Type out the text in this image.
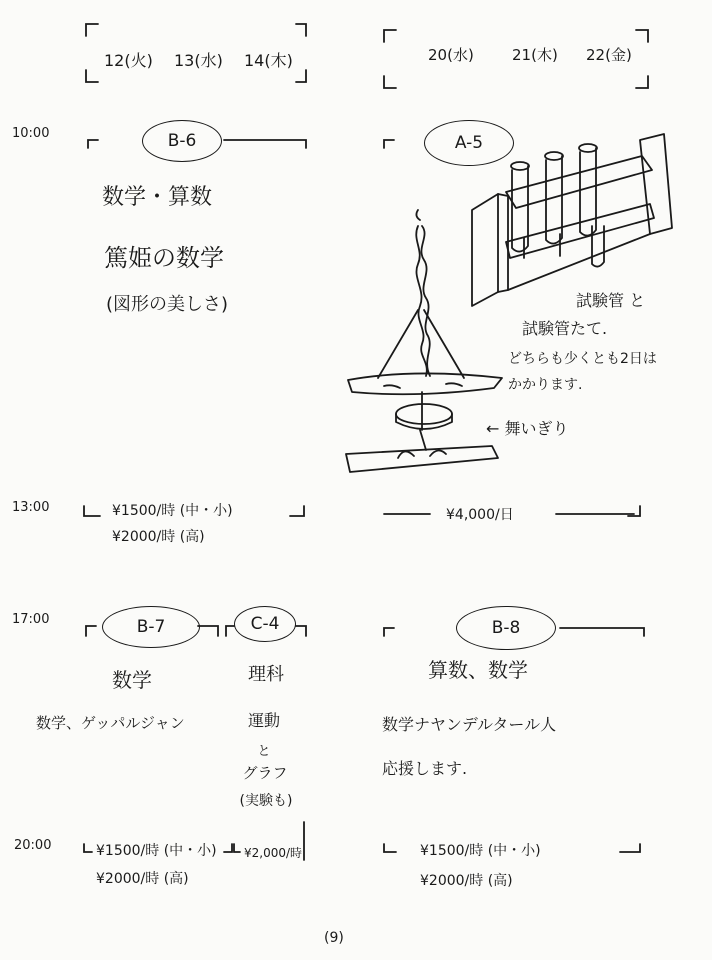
12(火) 13(水) 14(木)	20(水)	21(木) 22(金)
10:00
13:00
17:00
20:00
B-6
数学・算数
篤姫の数学
(図形の美しさ)
¥1500/時 (中・小)
¥2000/時 (高)
A-5
試験管 と
試験管たて.
どちらも少くとも2日は
かかります.
← 舞いぎり
¥4,000/日
B-7
数学
数学、ゲッパルジャン
C-4
理科
運動
と
グラフ
(実験も)
¥1500/時 (中・小) ¥2,000/時
¥2000/時 (高)
B-8
算数、数学
数学ナヤンデルタール人
応援します.
¥1500/時 (中・小)
¥2000/時 (高)
(9)
